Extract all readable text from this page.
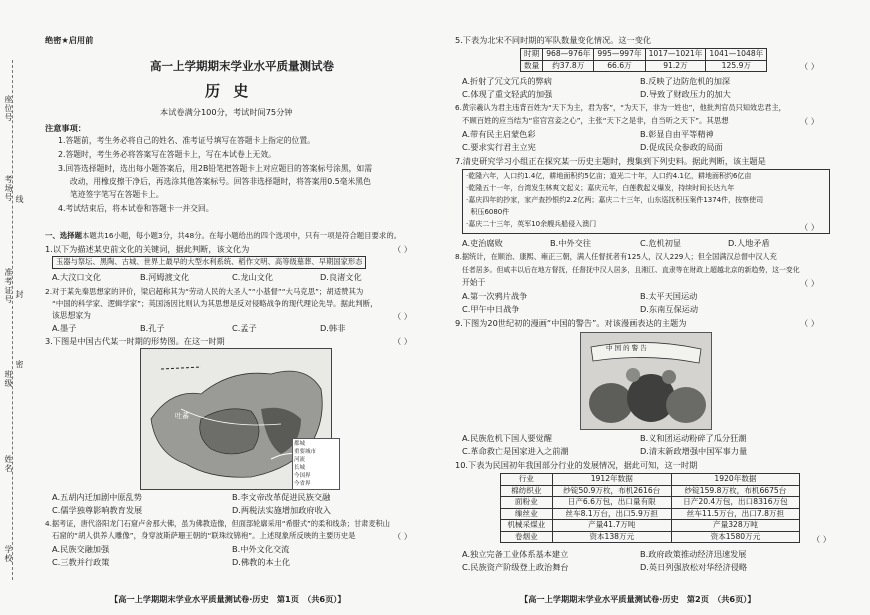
座位号
考场号 线
准考证号 封
班级
密
姓名
学校
绝密★启用前
高一上学期期末学业水平质量测试卷
历 史
本试卷满分100分，考试时间75分钟
注意事项：
1.答题前，考生务必将自己的姓名、准考证号填写在答题卡上指定的位置。
2.答题时，考生务必将答案写在答题卡上，写在本试卷上无效。
3.回答选择题时，选出每小题答案后，用2B铅笔把答题卡上对应题目的答案标号涂黑，如需
改动，用橡皮擦干净后，再选涂其他答案标号。回答非选择题时，将答案用0.5毫米黑色
笔迹签字笔写在答题卡上。
4.考试结束后，将本试卷和答题卡一并交回。
一、选择题本题共16小题，每小题3分，共48分。在每小题给出的四个选项中，只有一项是符合题目要求的。
1.以下为描述某史前文化的关键词，据此判断，该文化为	（ ）
玉器与祭坛、黑陶、古城、世界上最早的大型水利系统、稻作文明、高等级墓葬、早期国家形态
A.大汶口文化	B.河姆渡文化	C.龙山文化	D.良渚文化
2.对于某先秦思想家的评价，梁启超称其为“劳动人民的大圣人”“小基督”“大马克思”；胡适赞其为
“中国的科学家、逻辑学家”；英国汤因比则认为其思想是反对侵略战争的现代理论先导。据此判断，
该思想家为	（ ）
A.墨子	B.孔子	C.孟子	D.韩非
3.下图是中国古代某一时期的形势图。在这一时期	（ ）
吐蕃
都城
重要城市
河流
长城
今国界
今省界
A.五胡内迁加剧中原乱势	B.李文帝改革促进民族交融
C.儒学独尊影响教育发展	D.两税法实施增加政府收入
4.据考证，唐代洛阳龙门石窟卢舍那大佛，虽为佛教造像，但面部轮廓采用“希腊式”的柔和线条；甘肃麦积山
石窟的“胡人供养人雕像”，身穿波斯萨珊王朝的“联珠纹锦袍”。上述现象所反映的主要历史是	（ ）
A.民族交融加强	B.中外文化交流
C.三教并行政策	D.佛教的本土化
【高一上学期期末学业水平质量测试卷·历史　第1页　（共6页）】
5.下表为北宋不同时期的军队数量变化情况。这一变化
时期	968—976年	995—997年	1017—1021年	1041—1048年
数量	约37.8万	66.6万	91.2万	125.9万	（ ）
A.折射了冗文冗兵的弊病	B.反映了边防危机的加深
C.体现了重文轻武的加强	D.导致了财政压力的加大
6.黄宗羲认为君主违背百姓为“天下为主，君为客”，“为天下，非为一姓也”，他批判官员只知效忠君主，
不顾百姓的应当结为“宦官宫妾之心”，主张“天下之是非，自当听之天下”。其思想	（ ）
A.带有民主启蒙色彩	B.彰显自由平等精神
C.要求实行君主立宪	D.促成民众参政的局面
7.清史研究学习小组正在探究某一历史主题时，搜集到下列史料。据此判断，该主题是
·乾隆六年，人口约1.4亿，耕地面积约5亿亩；道光二十年，人口约4.1亿，耕地面积约6亿亩
·乾隆五十一年，台湾发生林爽文起义；嘉庆元年，白莲教起义爆发，持续时间长达九年
·嘉庆四年的抄家，家产查抄银约2.2亿两；嘉庆二十三年，山东巡抚积压案件1374件，按察使司
积压6080件
·嘉庆二十三年，英军10余艘兵船侵入澳门	（ ）
A.吏治腐败	B.中外交往	C.危机初显	D.人地矛盾
8.据统计，在顺治、康熙、雍正三朝，满人任督抚者有125人，汉人229人；但全国满汉总督中汉人充
任者居多。但咸丰以后在地方督抚，任督抚中汉人居多，且湘江、直隶等在财政上超越北京的新趋势，这一变化
开始于	（ ）
A.第一次鸦片战争	B.太平天国运动
C.甲午中日战争	D.东南互保运动
9.下图为20世纪初的漫画“中国的警告”。对该漫画表达的主题为	（ ）
中 国 的 警 告
A.民族危机下国人要觉醒	B.义和团运动粉碎了瓜分狂潮
C.革命救亡是国家进入之前潮	D.清末新政增强中国军事力量
10.下表为民国初年我国部分行业的发展情况，据此可知，这一时期
行业	1912年数据	1920年数据
棉纺织业	纱锭50.9万枚，布机2616台	纱锭159.8万枚，布机6675台
面粉业	日产6.6万包，出口量有限	日产20.4万包，出口8316万包
缫丝业	丝车8.1万台，出口5.9万担	丝车11.5万台，出口7.8万担
机械采煤业	产量41.7万吨	产量328万吨
卷烟业	资本138万元	资本1580万元	（ ）
A.独立完备工业体系基本建立	B.政府政策推动经济迅速发展
C.民族资产阶级登上政治舞台	D.英日列强放松对华经济侵略
【高一上学期期末学业水平质量测试卷·历史　第2页　（共6页）】
